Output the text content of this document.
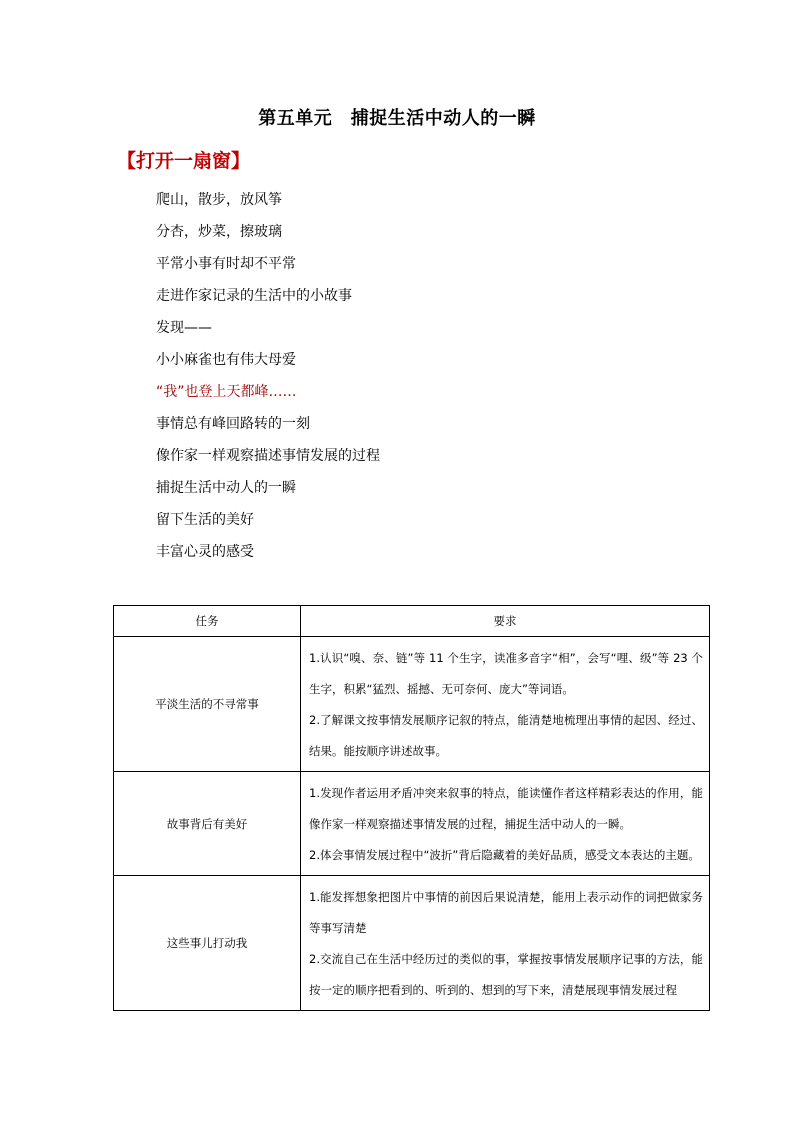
第五单元　捕捉生活中动人的一瞬
【打开一扇窗】
爬山，散步，放风筝
分杏，炒菜，擦玻璃
平常小事有时却不平常
走进作家记录的生活中的小故事
发现——
小小麻雀也有伟大母爱
“我”也登上天都峰……
事情总有峰回路转的一刻
像作家一样观察描述事情发展的过程
捕捉生活中动人的一瞬
留下生活的美好
丰富心灵的感受
任务	要求
平淡生活的不寻常事	1.认识“嗅、奈、链”等 11 个生字，读准多音字“相”，会写“哩、级”等 23 个生字，积累“猛烈、摇撼、无可奈何、庞大”等词语。

2.了解课文按事情发展顺序记叙的特点，能清楚地梳理出事情的起因、经过、结果。能按顺序讲述故事。

故事背后有美好	1.发现作者运用矛盾冲突来叙事的特点，能读懂作者这样精彩表达的作用，能像作家一样观察描述事情发展的过程，捕捉生活中动人的一瞬。

2.体会事情发展过程中“波折”背后隐藏着的美好品质，感受文本表达的主题。

这些事儿打动我	1.能发挥想象把图片中事情的前因后果说清楚，能用上表示动作的词把做家务等事写清楚

2.交流自己在生活中经历过的类似的事，掌握按事情发展顺序记事的方法，能按一定的顺序把看到的、听到的、想到的写下来，清楚展现事情发展过程
